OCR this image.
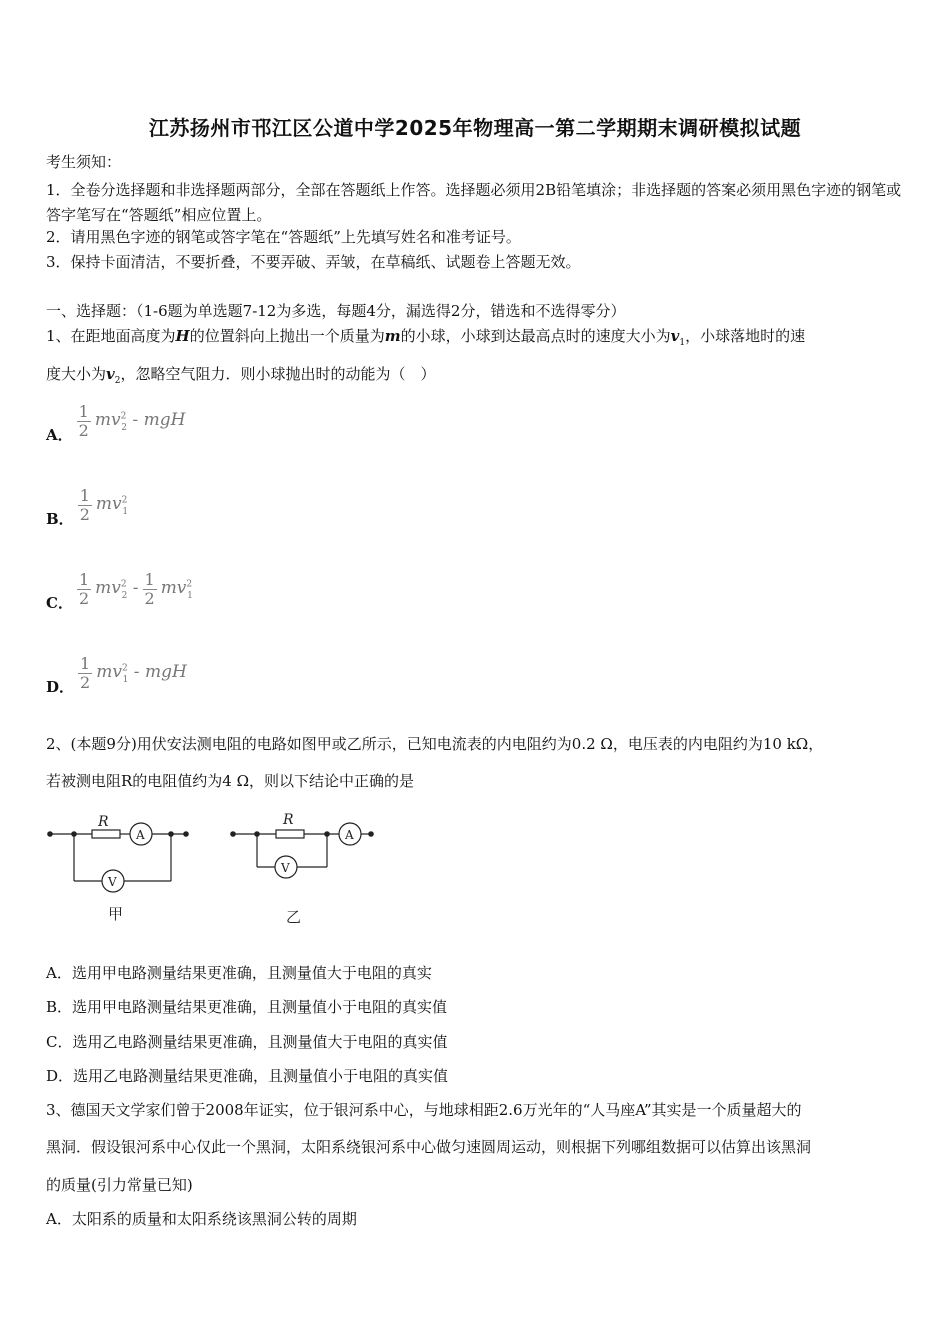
江苏扬州市邗江区公道中学2025年物理高一第二学期期末调研模拟试题
考生须知：
1．全卷分选择题和非选择题两部分，全部在答题纸上作答。选择题必须用2B铅笔填涂；非选择题的答案必须用黑色字迹的钢笔或答字笔写在“答题纸”相应位置上。
2．请用黑色字迹的钢笔或答字笔在“答题纸”上先填写姓名和准考证号。
3．保持卡面清洁，不要折叠，不要弄破、弄皱，在草稿纸、试题卷上答题无效。
一、选择题：（1-6题为单选题7-12为多选，每题4分，漏选得2分，错选和不选得零分）
1、在距地面高度为H的位置斜向上抛出一个质量为m的小球，小球到达最高点时的速度大小为$v_1$，小球落地时的速
度大小为$v_2$，忽略空气阻力．则小球抛出时的动能为（　）
A． $\frac{1}{2} mv^2_2$ - mgH
B． $\frac{1}{2} mv^2_1$
C． $\frac{1}{2} mv^2_2 - \frac{1}{2} mv^2_1$
D． $\frac{1}{2} mv^2_1$ - mgH
2、(本题9分)用伏安法测电阻的电路如图甲或乙所示，已知电流表的内电阻约为0.2 Ω，电压表的内电阻约为10 kΩ，
若被测电阻R的电阻值约为4 Ω，则以下结论中正确的是
R
A
V
甲
R
A
V
乙
A．选用甲电路测量结果更准确，且测量值大于电阻的真实
B．选用甲电路测量结果更准确，且测量值小于电阻的真实值
C．选用乙电路测量结果更准确，且测量值大于电阻的真实值
D．选用乙电路测量结果更准确，且测量值小于电阻的真实值
3、德国天文学家们曾于2008年证实，位于银河系中心，与地球相距2.6万光年的“人马座A”其实是一个质量超大的
黑洞．假设银河系中心仅此一个黑洞，太阳系绕银河系中心做匀速圆周运动，则根据下列哪组数据可以估算出该黑洞
的质量(引力常量已知)
A．太阳系的质量和太阳系绕该黑洞公转的周期
